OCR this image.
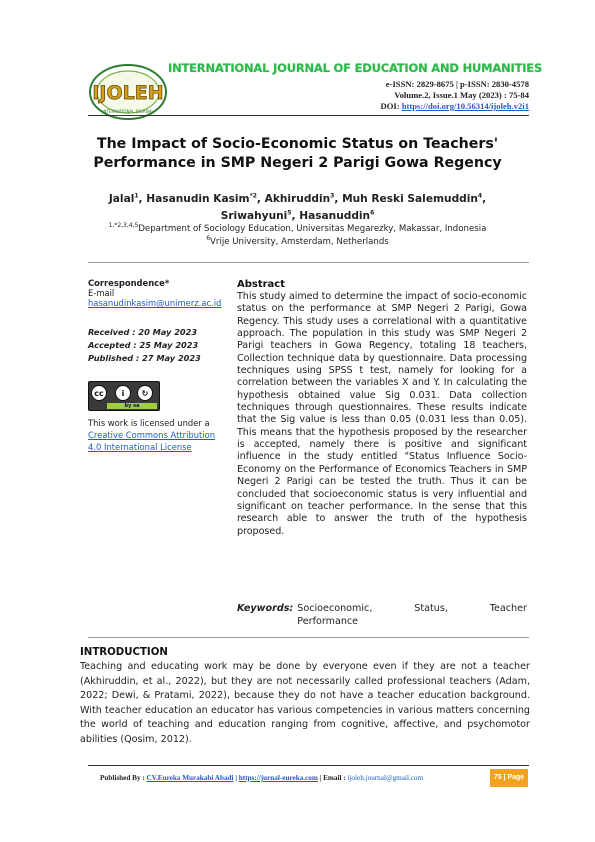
IJOLEH
INTERNATIONAL JOURNAL
INTERNATIONAL JOURNAL OF EDUCATION AND HUMANITIES
e-ISSN: 2829-8675 | p-ISSN: 2830-4578
Volume.2, Issue.1 May (2023) : 75-84
DOI: https://doi.org/10.56314/ijoleh.v2i1
The Impact of Socio-Economic Status on Teachers'
Performance in SMP Negeri 2 Parigi Gowa Regency
Jalal$^1$, Hasanudin Kasim$^{*2}$, Akhiruddin$^3$, Muh Reski Salemuddin$^4$,
Sriwahyuni$^5$, Hasanuddin$^6$
$^{1,*2,3,4,5}$Department of Sociology Education, Universitas Megarezky, Makassar, Indonesia
$^6$Vrije University, Amsterdam, Netherlands
Correspondence*
E-mail
hasanudinkasim@unimerz.ac.id
Received : 20 May 2023
Accepted : 25 May 2023
Published : 27 May 2023
cc	i	↻
by sa
This work is licensed under a
Creative Commons Attribution
4.0 International License
Abstract
This study aimed to determine the impact of socio-economic status on the performance at SMP Negeri 2 Parigi, Gowa Regency. This study uses a correlational with a quantitative approach. The population in this study was SMP Negeri 2 Parigi teachers in Gowa Regency, totaling 18 teachers, Collection technique data by questionnaire. Data processing techniques using SPSS t test, namely for looking for a correlation between the variables X and Y. In calculating the hypothesis obtained value Sig 0.031. Data collection techniques through questionnaires. These results indicate that the Sig value is less than 0.05 (0.031 less than 0.05). This means that the hypothesis proposed by the researcher is accepted, namely there is positive and significant influence in the study entitled "Status Influence Socio-Economy on the Performance of Economics Teachers in SMP Negeri 2 Parigi can be tested the truth. Thus it can be concluded that socioeconomic status is very influential and significant on teacher performance. In the sense that this research able to answer the truth of the hypothesis proposed.
Keywords: Socioeconomic, Status, Teacher
Performance
INTRODUCTION
Teaching and educating work may be done by everyone even if they are not a teacher (Akhiruddin, et al., 2022), but they are not necessarily called professional teachers (Adam, 2022; Dewi, & Pratami, 2022), because they do not have a teacher education background. With teacher education an educator has various competencies in various matters concerning the world of teaching and education ranging from cognitive, affective, and psychomotor abilities (Qosim, 2012).
Published By : CV.Eureka Murakabi Abadi | https://jurnal-eureka.com | Email : ijoleh.journal@gmail.com	75 | Page
